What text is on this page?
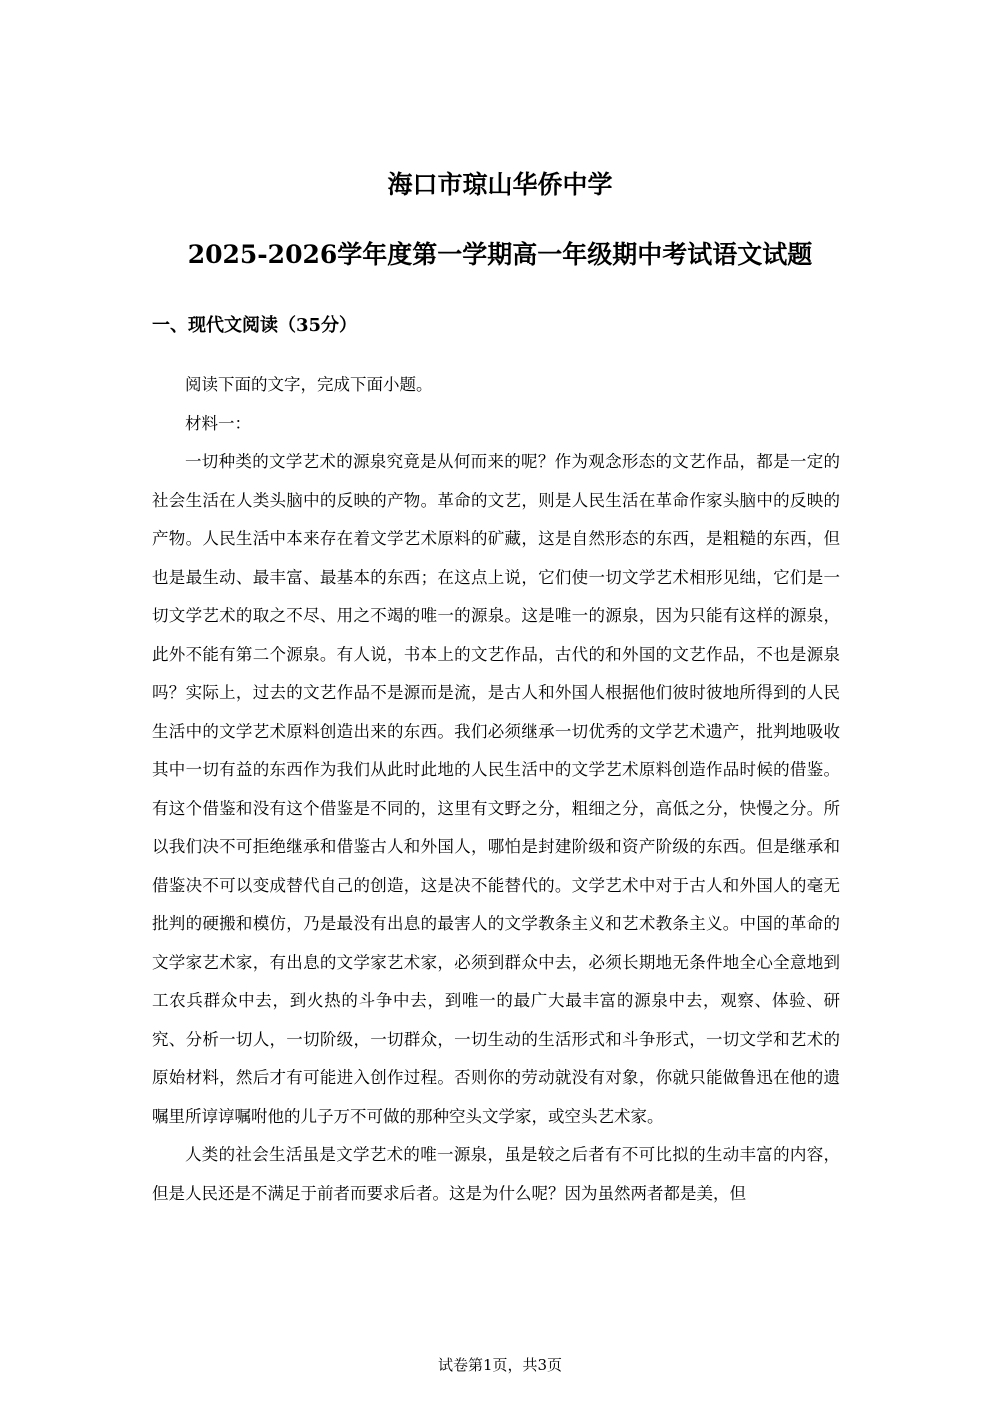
海口市琼山华侨中学
2025-2026学年度第一学期高一年级期中考试语文试题
一、现代文阅读（35分）

阅读下面的文字，完成下面小题。

材料一：

一切种类的文学艺术的源泉究竟是从何而来的呢？作为观念形态的文艺作品，都是一定的社会生活在人类头脑中的反映的产物。革命的文艺，则是人民生活在革命作家头脑中的反映的产物。人民生活中本来存在着文学艺术原料的矿藏，这是自然形态的东西，是粗糙的东西，但也是最生动、最丰富、最基本的东西；在这点上说，它们使一切文学艺术相形见绌，它们是一切文学艺术的取之不尽、用之不竭的唯一的源泉。这是唯一的源泉，因为只能有这样的源泉，此外不能有第二个源泉。有人说，书本上的文艺作品，古代的和外国的文艺作品，不也是源泉吗？实际上，过去的文艺作品不是源而是流，是古人和外国人根据他们彼时彼地所得到的人民生活中的文学艺术原料创造出来的东西。我们必须继承一切优秀的文学艺术遗产，批判地吸收其中一切有益的东西作为我们从此时此地的人民生活中的文学艺术原料创造作品时候的借鉴。有这个借鉴和没有这个借鉴是不同的，这里有文野之分，粗细之分，高低之分，快慢之分。所以我们决不可拒绝继承和借鉴古人和外国人，哪怕是封建阶级和资产阶级的东西。但是继承和借鉴决不可以变成替代自己的创造，这是决不能替代的。文学艺术中对于古人和外国人的毫无批判的硬搬和模仿，乃是最没有出息的最害人的文学教条主义和艺术教条主义。中国的革命的文学家艺术家，有出息的文学家艺术家，必须到群众中去，必须长期地无条件地全心全意地到工农兵群众中去，到火热的斗争中去，到唯一的最广大最丰富的源泉中去，观察、体验、研究、分析一切人，一切阶级，一切群众，一切生动的生活形式和斗争形式，一切文学和艺术的原始材料，然后才有可能进入创作过程。否则你的劳动就没有对象，你就只能做鲁迅在他的遗嘱里所谆谆嘱咐他的儿子万不可做的那种空头文学家，或空头艺术家。

人类的社会生活虽是文学艺术的唯一源泉，虽是较之后者有不可比拟的生动丰富的内容，但是人民还是不满足于前者而要求后者。这是为什么呢？因为虽然两者都是美，但

试卷第1页，共3页
